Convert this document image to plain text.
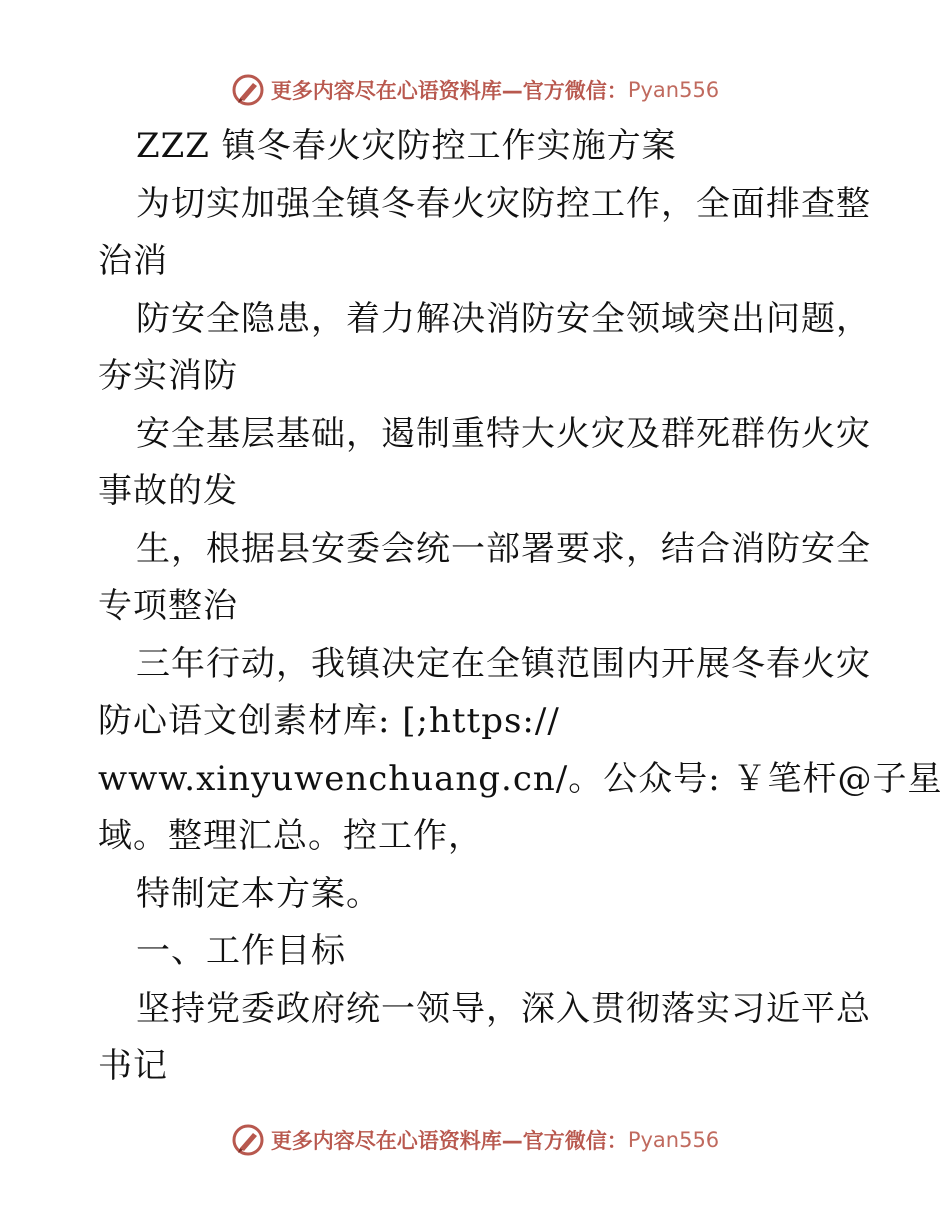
更多内容尽在心语资料库—官方微信： Pyan556
ZZZ 镇冬春火灾防控工作实施方案
为切实加强全镇冬春火灾防控工作，全面排查整
治消
防安全隐患，着力解决消防安全领域突出问题，
夯实消防
安全基层基础，遏制重特大火灾及群死群伤火灾
事故的发
生，根据县安委会统一部署要求，结合消防安全
专项整治
三年行动，我镇决定在全镇范围内开展冬春火灾
防心语文创素材库: [;https://
www.xinyuwenchuang.cn/。公众号: ￥笔杆@子星
域。整理汇总。控工作，
特制定本方案。
一、工作目标
坚持党委政府统一领导，深入贯彻落实习近平总
书记
更多内容尽在心语资料库—官方微信： Pyan556
